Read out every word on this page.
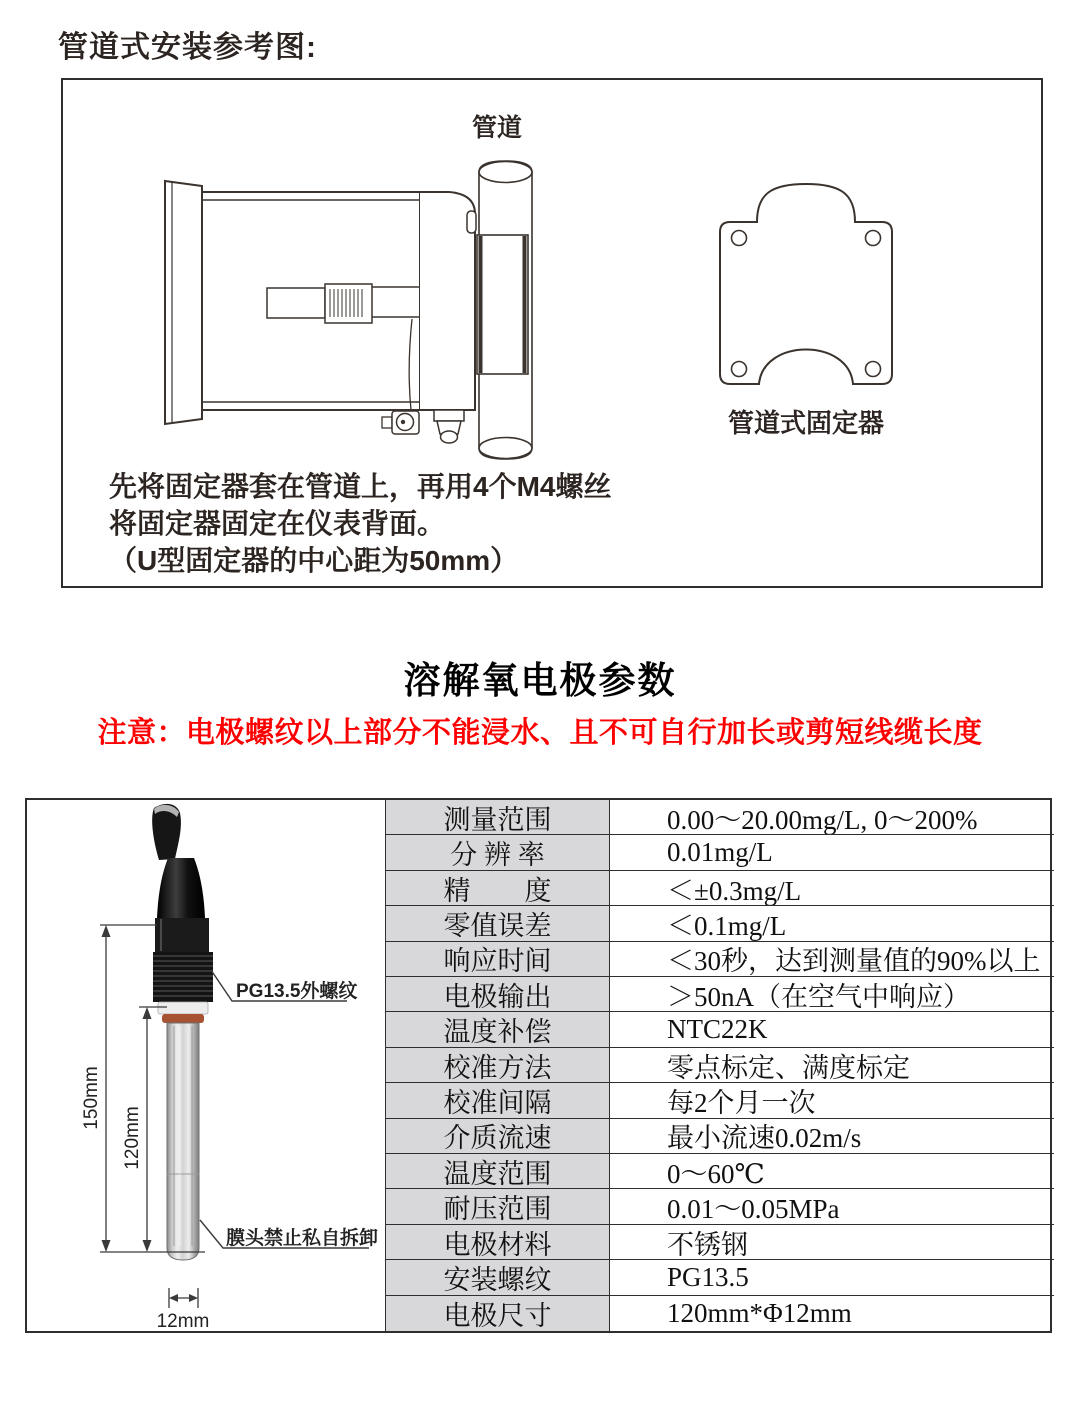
管道式安装参考图:
管道
管道式固定器
先将固定器套在管道上，再用4个M4螺丝
将固定器固定在仪表背面。
（U型固定器的中心距为50mm）
溶解氧电极参数
注意：电极螺纹以上部分不能浸水、且不可自行加长或剪短线缆长度
150mm
120mm
12mm
PG13.5外螺纹
膜头禁止私自拆卸
测量范围	0.00～20.00mg/L, 0～200%
分 辨 率	0.01mg/L
精　　度	＜±0.3mg/L
零值误差	＜0.1mg/L
响应时间	＜30秒，达到测量值的90%以上
电极输出	＞50nA（在空气中响应）
温度补偿	NTC22K
校准方法	零点标定、满度标定
校准间隔	每2个月一次
介质流速	最小流速0.02m/s
温度范围	0～60℃
耐压范围	0.01～0.05MPa
电极材料	不锈钢
安装螺纹	PG13.5
电极尺寸	120mm*Φ12mm
